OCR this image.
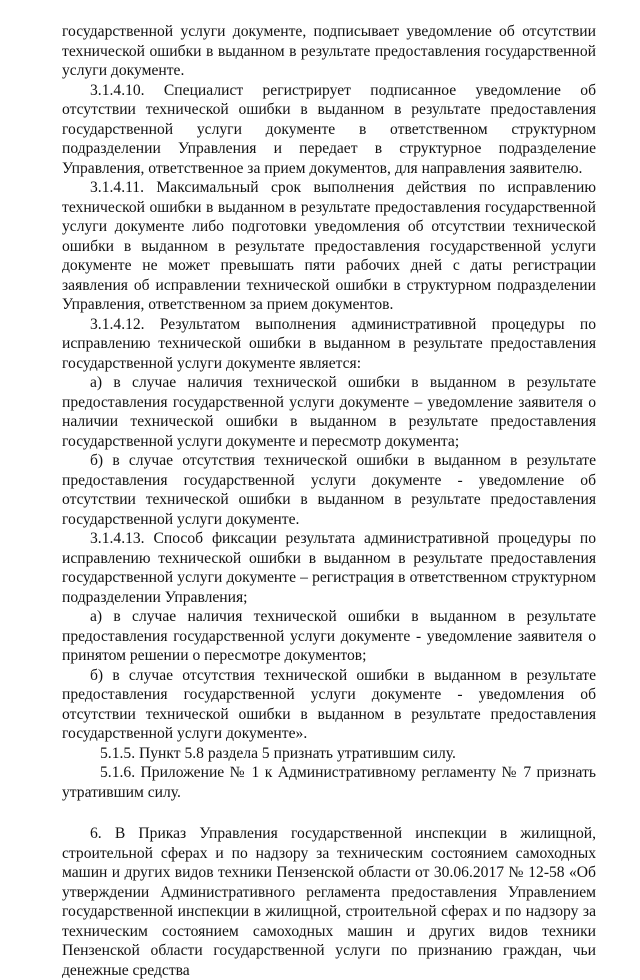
государственной услуги документе, подписывает уведомление об отсутствии технической ошибки в выданном в результате предоставления государственной услуги документе.

3.1.4.10. Специалист регистрирует подписанное уведомление об отсутствии технической ошибки в выданном в результате предоставления государственной услуги документе в ответственном структурном подразделении Управления и передает в структурное подразделение Управления, ответственное за прием документов, для направления заявителю.

3.1.4.11. Максимальный срок выполнения действия по исправлению технической ошибки в выданном в результате предоставления государственной услуги документе либо подготовки уведомления об отсутствии технической ошибки в выданном в результате предоставления государственной услуги документе не может превышать пяти рабочих дней с даты регистрации заявления об исправлении технической ошибки в структурном подразделении Управления, ответственном за прием документов.

3.1.4.12. Результатом выполнения административной процедуры по исправлению технической ошибки в выданном в результате предоставления государственной услуги документе является:

а) в случае наличия технической ошибки в выданном в результате предоставления государственной услуги документе – уведомление заявителя о наличии технической ошибки в выданном в результате предоставления государственной услуги документе и пересмотр документа;

б) в случае отсутствия технической ошибки в выданном в результате предоставления государственной услуги документе - уведомление об отсутствии технической ошибки в выданном в результате предоставления государственной услуги документе.

3.1.4.13. Способ фиксации результата административной процедуры по исправлению технической ошибки в выданном в результате предоставления государственной услуги документе – регистрация в ответственном структурном подразделении Управления;

а) в случае наличия технической ошибки в выданном в результате предоставления государственной услуги документе - уведомление заявителя о принятом решении о пересмотре документов;

б) в случае отсутствия технической ошибки в выданном в результате предоставления государственной услуги документе - уведомления об отсутствии технической ошибки в выданном в результате предоставления государственной услуги документе».

5.1.5. Пункт 5.8 раздела 5 признать утратившим силу.

5.1.6. Приложение № 1 к Административному регламенту № 7 признать утратившим силу.

6. В Приказ Управления государственной инспекции в жилищной, строительной сферах и по надзору за техническим состоянием самоходных машин и других видов техники Пензенской области от 30.06.2017 № 12-58 «Об утверждении Административного регламента предоставления Управлением государственной инспекции в жилищной, строительной сферах и по надзору за техническим состоянием самоходных машин и других видов техники Пензенской области государственной услуги по признанию граждан, чьи денежные средства
